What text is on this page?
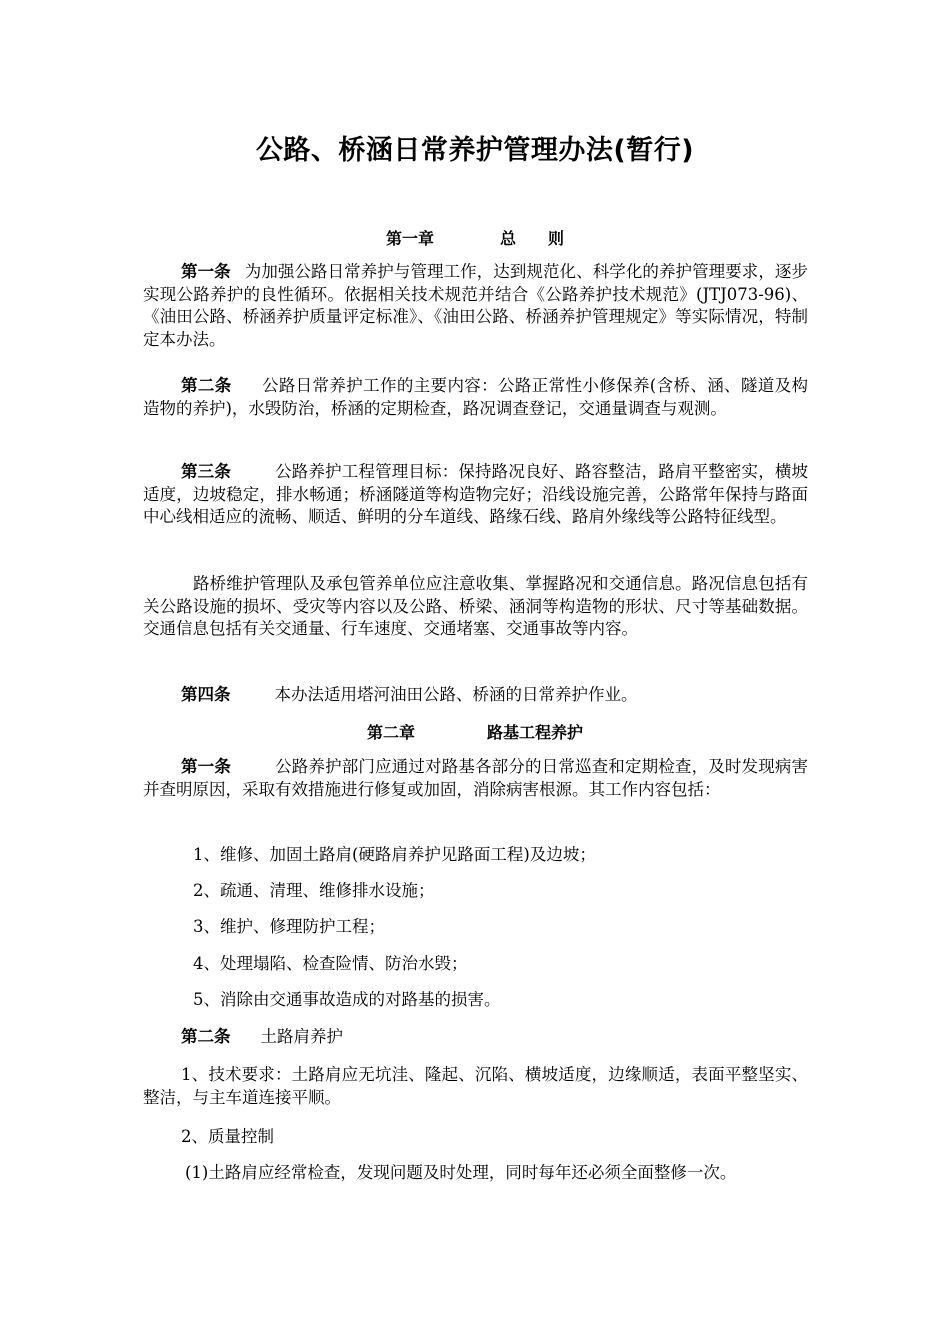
公路、桥涵日常养护管理办法(暂行)
第一章	总　　则
第一条 为加强公路日常养护与管理工作，达到规范化、科学化的养护管理要求，逐步实现公路养护的良性循环。依据相关技术规范并结合《公路养护技术规范》(JTJ073-96)、《油田公路、桥涵养护质量评定标准》、《油田公路、桥涵养护管理规定》等实际情况，特制定本办法。
第二条 公路日常养护工作的主要内容：公路正常性小修保养(含桥、涵、隧道及构造物的养护)，水毁防治，桥涵的定期检查，路况调查登记，交通量调查与观测。
第三条	公路养护工程管理目标：保持路况良好、路容整洁，路肩平整密实，横坡适度，边坡稳定，排水畅通；桥涵隧道等构造物完好；沿线设施完善，公路常年保持与路面中心线相适应的流畅、顺适、鲜明的分车道线、路缘石线、路肩外缘线等公路特征线型。
路桥维护管理队及承包管养单位应注意收集、掌握路况和交通信息。路况信息包括有关公路设施的损坏、受灾等内容以及公路、桥梁、涵洞等构造物的形状、尺寸等基础数据。交通信息包括有关交通量、行车速度、交通堵塞、交通事故等内容。
第四条	本办法适用塔河油田公路、桥涵的日常养护作业。
第二章	路基工程养护
第一条	公路养护部门应通过对路基各部分的日常巡查和定期检查，及时发现病害并查明原因，采取有效措施进行修复或加固，消除病害根源。其工作内容包括：
1、维修、加固土路肩(硬路肩养护见路面工程)及边坡；
2、疏通、清理、维修排水设施；
3、维护、修理防护工程；
4、处理塌陷、检查险情、防治水毁；
5、消除由交通事故造成的对路基的损害。
第二条 土路肩养护
1、技术要求：土路肩应无坑洼、隆起、沉陷、横坡适度，边缘顺适，表面平整坚实、整洁，与主车道连接平顺。
2、质量控制
(1)土路肩应经常检查，发现问题及时处理，同时每年还必须全面整修一次。
